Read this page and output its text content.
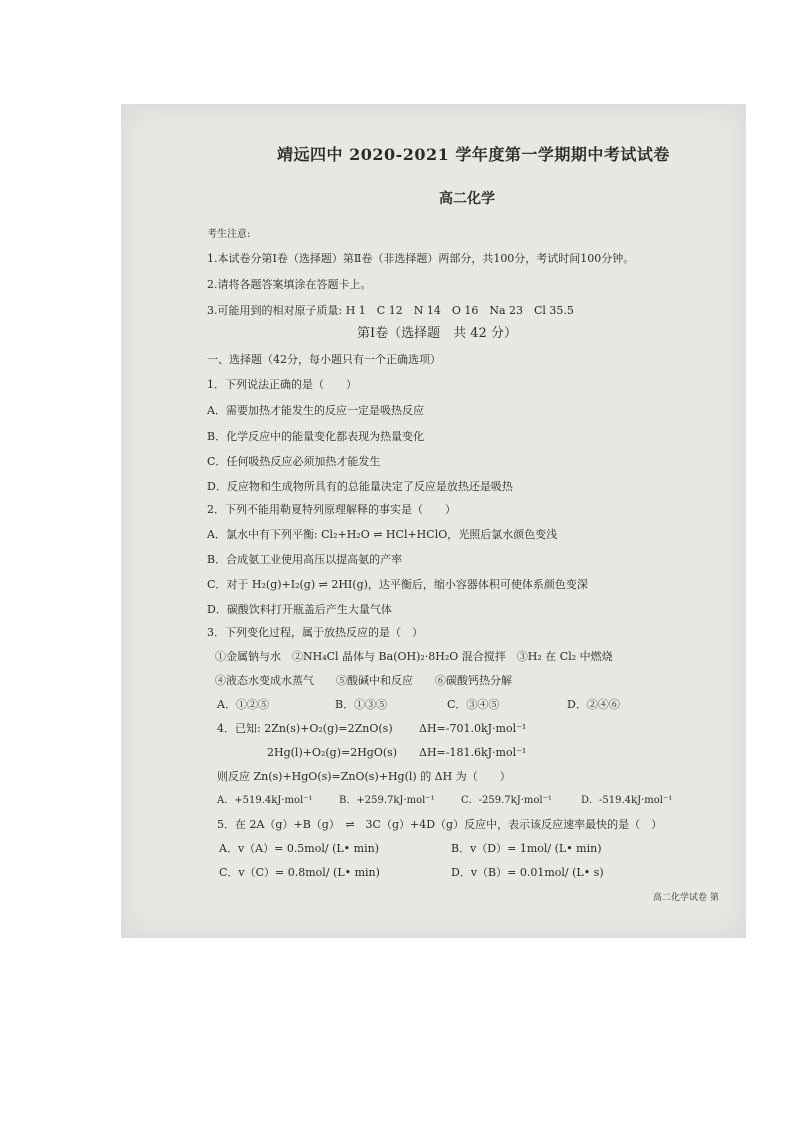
靖远四中 2020-2021 学年度第一学期期中考试试卷
高二化学
考生注意:
1.本试卷分第Ⅰ卷（选择题）第Ⅱ卷（非选择题）两部分，共100分，考试时间100分钟。
2.请将各题答案填涂在答题卡上。
3.可能用到的相对原子质量: H 1　C 12　N 14　O 16　Na 23　Cl 35.5
第Ⅰ卷（选择题　共 42 分）
一、选择题（42分，每小题只有一个正确选项）
1．下列说法正确的是（　　）
A．需要加热才能发生的反应一定是吸热反应
B．化学反应中的能量变化都表现为热量变化
C．任何吸热反应必须加热才能发生
D．反应物和生成物所具有的总能量决定了反应是放热还是吸热
2．下列不能用勒夏特列原理解释的事实是（　　）
A．氯水中有下列平衡: Cl₂+H₂O ⇌ HCl+HClO，光照后氯水颜色变浅
B．合成氨工业使用高压以提高氨的产率
C．对于 H₂(g)+I₂(g) ⇌ 2HI(g)，达平衡后，缩小容器体积可使体系颜色变深
D．碳酸饮料打开瓶盖后产生大量气体
3．下列变化过程，属于放热反应的是（　）
①金属钠与水　②NH₄Cl 晶体与 Ba(OH)₂·8H₂O 混合搅拌　③H₂ 在 Cl₂ 中燃烧
④液态水变成水蒸气　　⑤酸碱中和反应　　⑥碳酸钙热分解
A．①②⑤	B．①③⑤	C．③④⑤	D．②④⑥
4．已知: 2Zn(s)+O₂(g)=2ZnO(s) ΔH=-701.0kJ·mol⁻¹
2Hg(l)+O₂(g)=2HgO(s) ΔH=-181.6kJ·mol⁻¹
则反应 Zn(s)+HgO(s)=ZnO(s)+Hg(l) 的 ΔH 为（　　）
A．+519.4kJ·mol⁻¹	B．+259.7kJ·mol⁻¹	C．-259.7kJ·mol⁻¹	D．-519.4kJ·mol⁻¹
5．在 2A（g）+B（g）　⇌　3C（g）+4D（g）反应中，表示该反应速率最快的是（　）
A．v（A）= 0.5mol/ (L• min)	B．v（D）= 1mol/ (L• min)
C．v（C）= 0.8mol/ (L• min)	D．v（B）= 0.01mol/ (L• s)
高二化学试卷 第
